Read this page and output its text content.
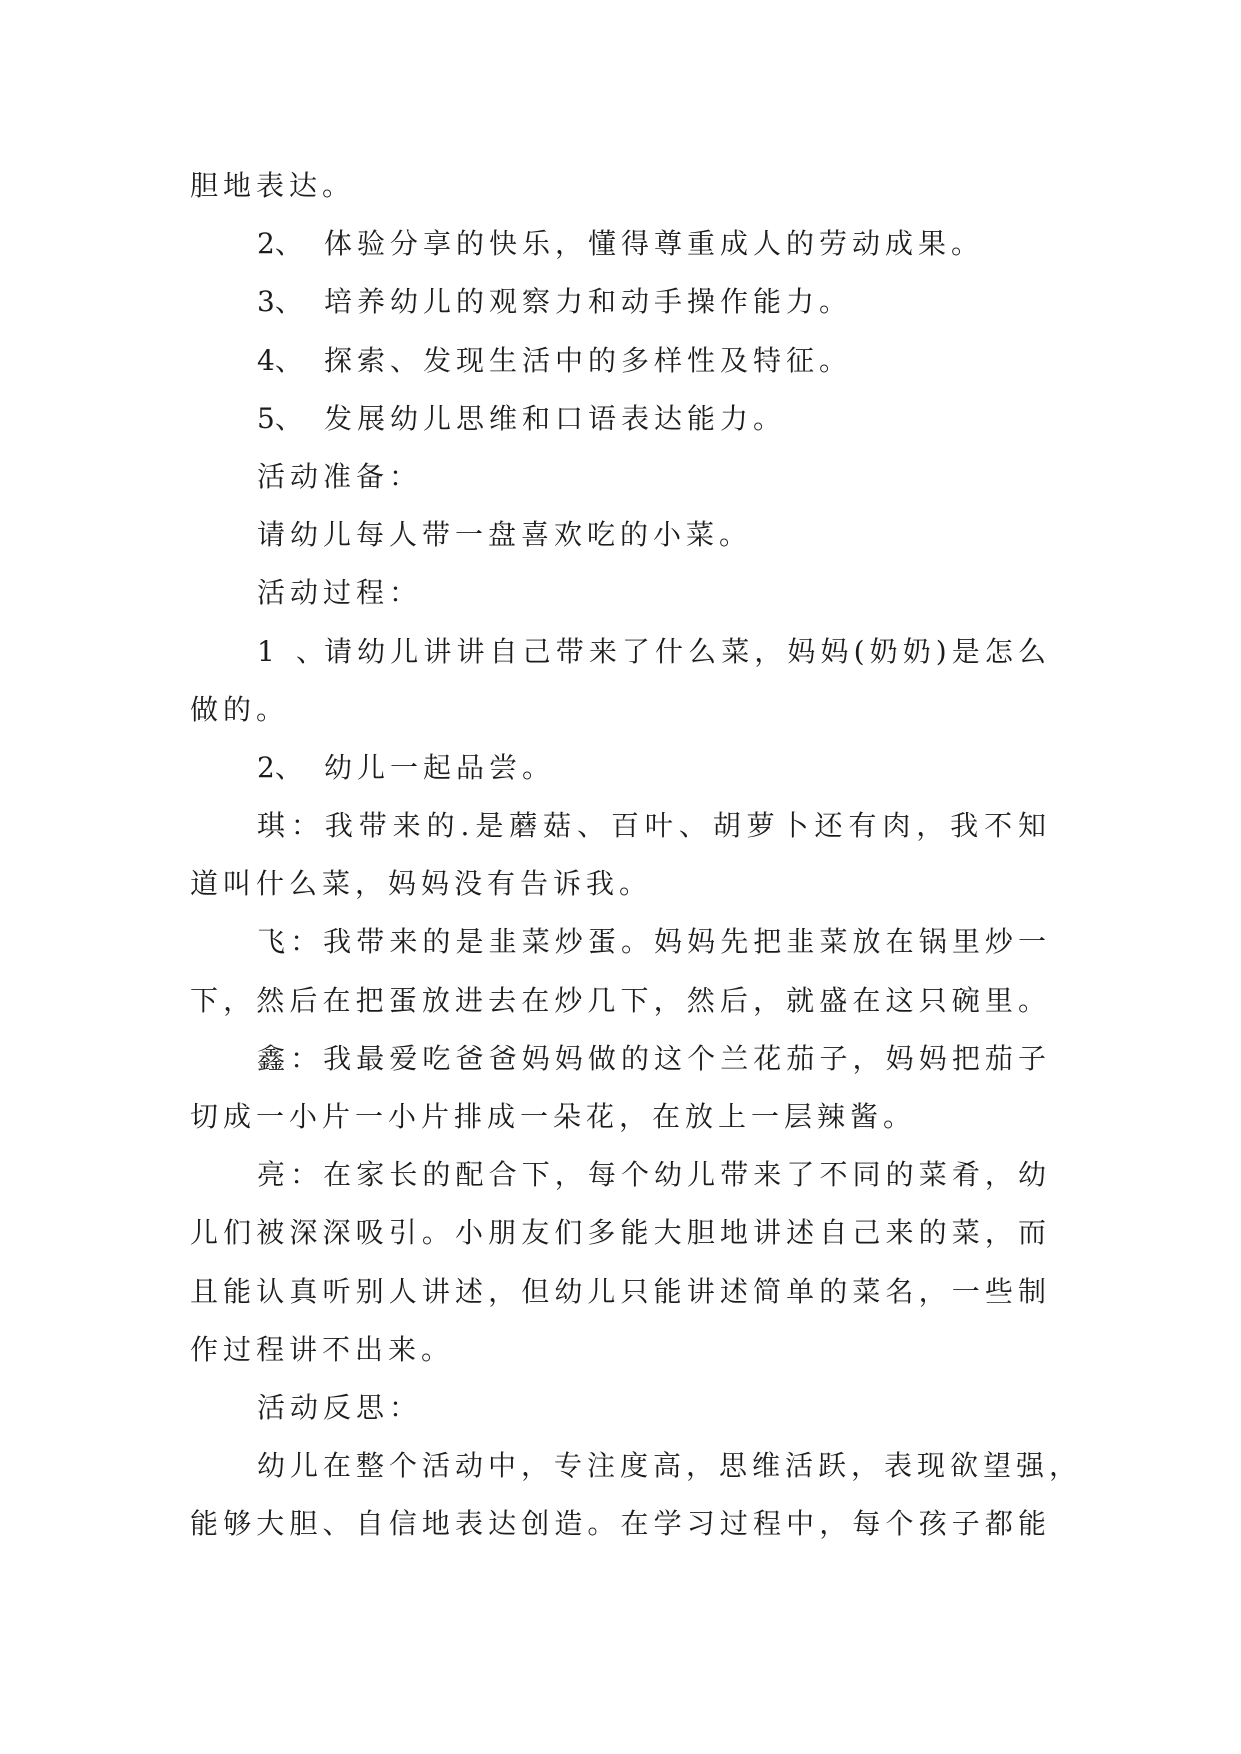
胆地表达。
2、 体验分享的快乐，懂得尊重成人的劳动成果。
3、 培养幼儿的观察力和动手操作能力。
4、 探索、发现生活中的多样性及特征。
5、 发展幼儿思维和口语表达能力。
活动准备：
请幼儿每人带一盘喜欢吃的小菜。
活动过程：
1、请幼儿讲讲自己带来了什么菜，妈妈(奶奶)是怎么
做的。
2、 幼儿一起品尝。
琪：我带来的.是蘑菇、百叶、胡萝卜还有肉，我不知
道叫什么菜，妈妈没有告诉我。
飞：我带来的是韭菜炒蛋。妈妈先把韭菜放在锅里炒一
下，然后在把蛋放进去在炒几下，然后，就盛在这只碗里。
鑫：我最爱吃爸爸妈妈做的这个兰花茄子，妈妈把茄子
切成一小片一小片排成一朵花，在放上一层辣酱。
亮：在家长的配合下，每个幼儿带来了不同的菜肴，幼
儿们被深深吸引。小朋友们多能大胆地讲述自己来的菜，而
且能认真听别人讲述，但幼儿只能讲述简单的菜名，一些制
作过程讲不出来。
活动反思：
幼儿在整个活动中，专注度高，思维活跃，表现欲望强，
能够大胆、自信地表达创造。在学习过程中，每个孩子都能
